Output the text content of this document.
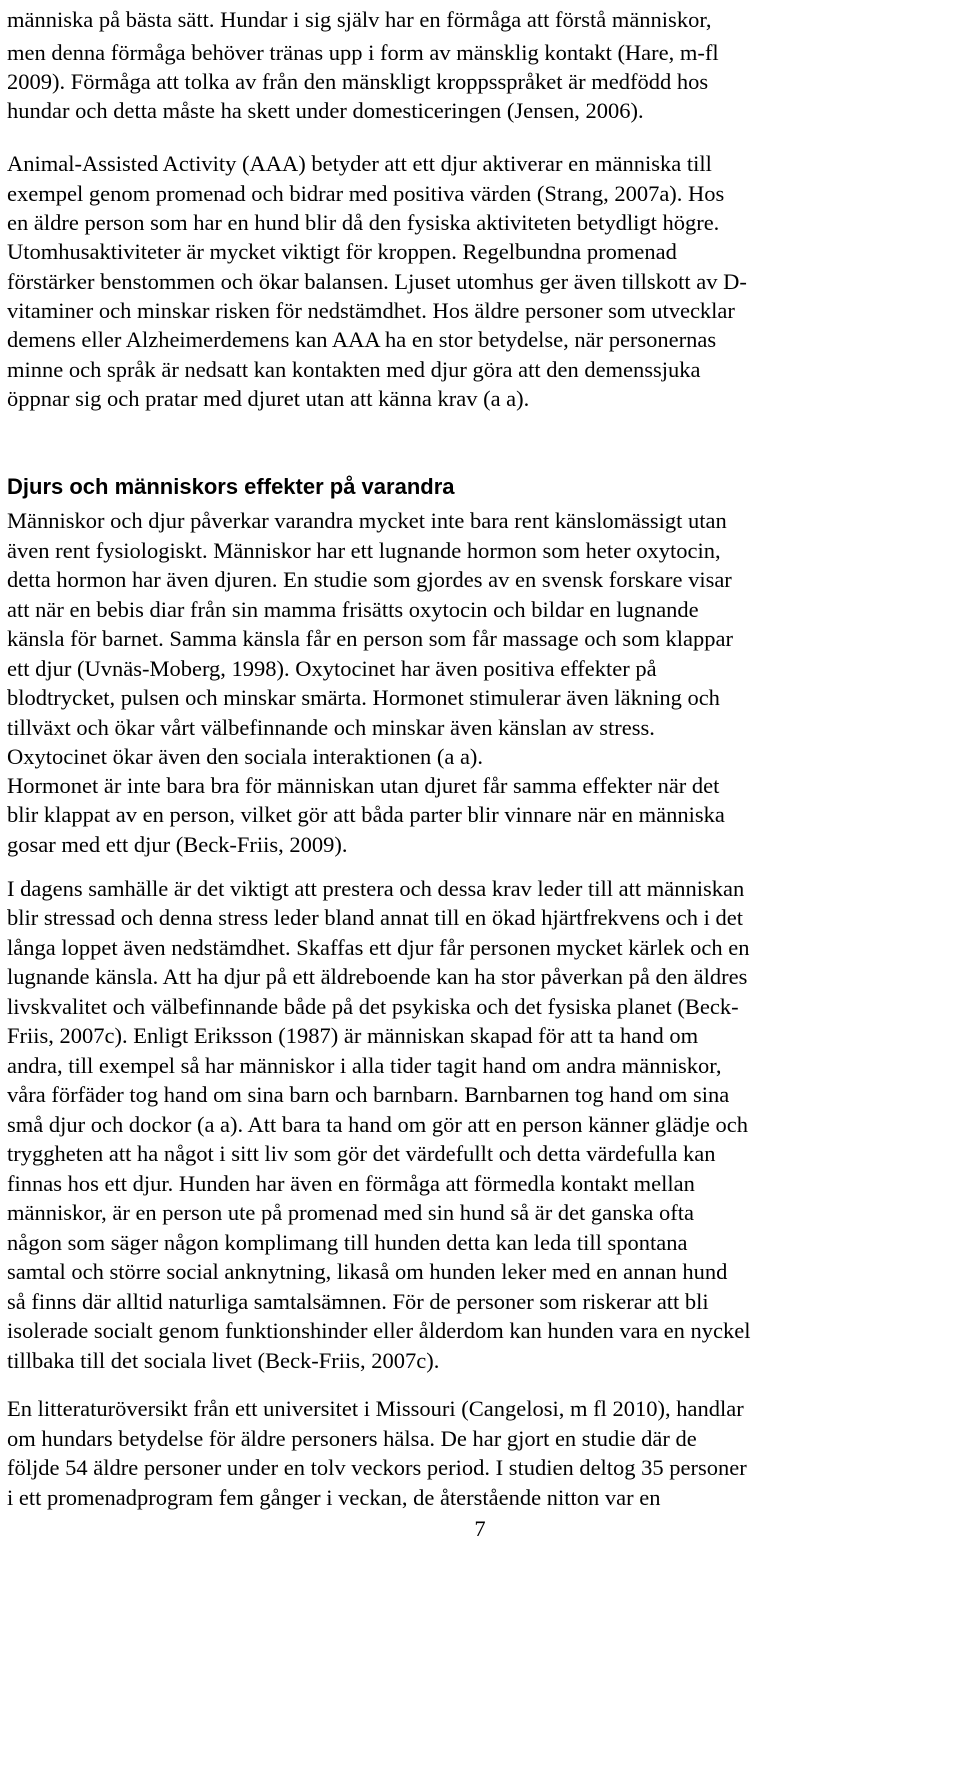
människa på bästa sätt. Hundar i sig själv har en förmåga att förstå människor,
men denna förmåga behöver tränas upp i form av mänsklig kontakt (Hare, m-fl
2009). Förmåga att tolka av från den mänskligt kroppsspråket är medfödd hos
hundar och detta måste ha skett under domesticeringen (Jensen, 2006).
Animal-Assisted Activity (AAA) betyder att ett djur aktiverar en människa till
exempel genom promenad och bidrar med positiva värden (Strang, 2007a). Hos
en äldre person som har en hund blir då den fysiska aktiviteten betydligt högre.
Utomhusaktiviteter är mycket viktigt för kroppen. Regelbundna promenad
förstärker benstommen och ökar balansen. Ljuset utomhus ger även tillskott av D-
vitaminer och minskar risken för nedstämdhet. Hos äldre personer som utvecklar
demens eller Alzheimerdemens kan AAA ha en stor betydelse, när personernas
minne och språk är nedsatt kan kontakten med djur göra att den demenssjuka
öppnar sig och pratar med djuret utan att känna krav (a a).
Människor och djur påverkar varandra mycket inte bara rent känslomässigt utan
även rent fysiologiskt. Människor har ett lugnande hormon som heter oxytocin,
detta hormon har även djuren. En studie som gjordes av en svensk forskare visar
att när en bebis diar från sin mamma frisätts oxytocin och bildar en lugnande
känsla för barnet. Samma känsla får en person som får massage och som klappar
ett djur (Uvnäs-Moberg, 1998). Oxytocinet har även positiva effekter på
blodtrycket, pulsen och minskar smärta. Hormonet stimulerar även läkning och
tillväxt och ökar vårt välbefinnande och minskar även känslan av stress.
Oxytocinet ökar även den sociala interaktionen (a a).
Hormonet är inte bara bra för människan utan djuret får samma effekter när det
blir klappat av en person, vilket gör att båda parter blir vinnare när en människa
gosar med ett djur (Beck-Friis, 2009).
I dagens samhälle är det viktigt att prestera och dessa krav leder till att människan
blir stressad och denna stress leder bland annat till en ökad hjärtfrekvens och i det
långa loppet även nedstämdhet. Skaffas ett djur får personen mycket kärlek och en
lugnande känsla. Att ha djur på ett äldreboende kan ha stor påverkan på den äldres
livskvalitet och välbefinnande både på det psykiska och det fysiska planet (Beck-
Friis, 2007c). Enligt Eriksson (1987) är människan skapad för att ta hand om
andra, till exempel så har människor i alla tider tagit hand om andra människor,
våra förfäder tog hand om sina barn och barnbarn. Barnbarnen tog hand om sina
små djur och dockor (a a). Att bara ta hand om gör att en person känner glädje och
tryggheten att ha något i sitt liv som gör det värdefullt och detta värdefulla kan
finnas hos ett djur. Hunden har även en förmåga att förmedla kontakt mellan
människor, är en person ute på promenad med sin hund så är det ganska ofta
någon som säger någon komplimang till hunden detta kan leda till spontana
samtal och större social anknytning, likaså om hunden leker med en annan hund
så finns där alltid naturliga samtalsämnen. För de personer som riskerar att bli
isolerade socialt genom funktionshinder eller ålderdom kan hunden vara en nyckel
tillbaka till det sociala livet (Beck-Friis, 2007c).
En litteraturöversikt från ett universitet i Missouri (Cangelosi, m fl 2010), handlar
om hundars betydelse för äldre personers hälsa. De har gjort en studie där de
följde 54 äldre personer under en tolv veckors period. I studien deltog 35 personer
i ett promenadprogram fem gånger i veckan, de återstående nitton var en
Djurs och människors effekter på varandra
7
